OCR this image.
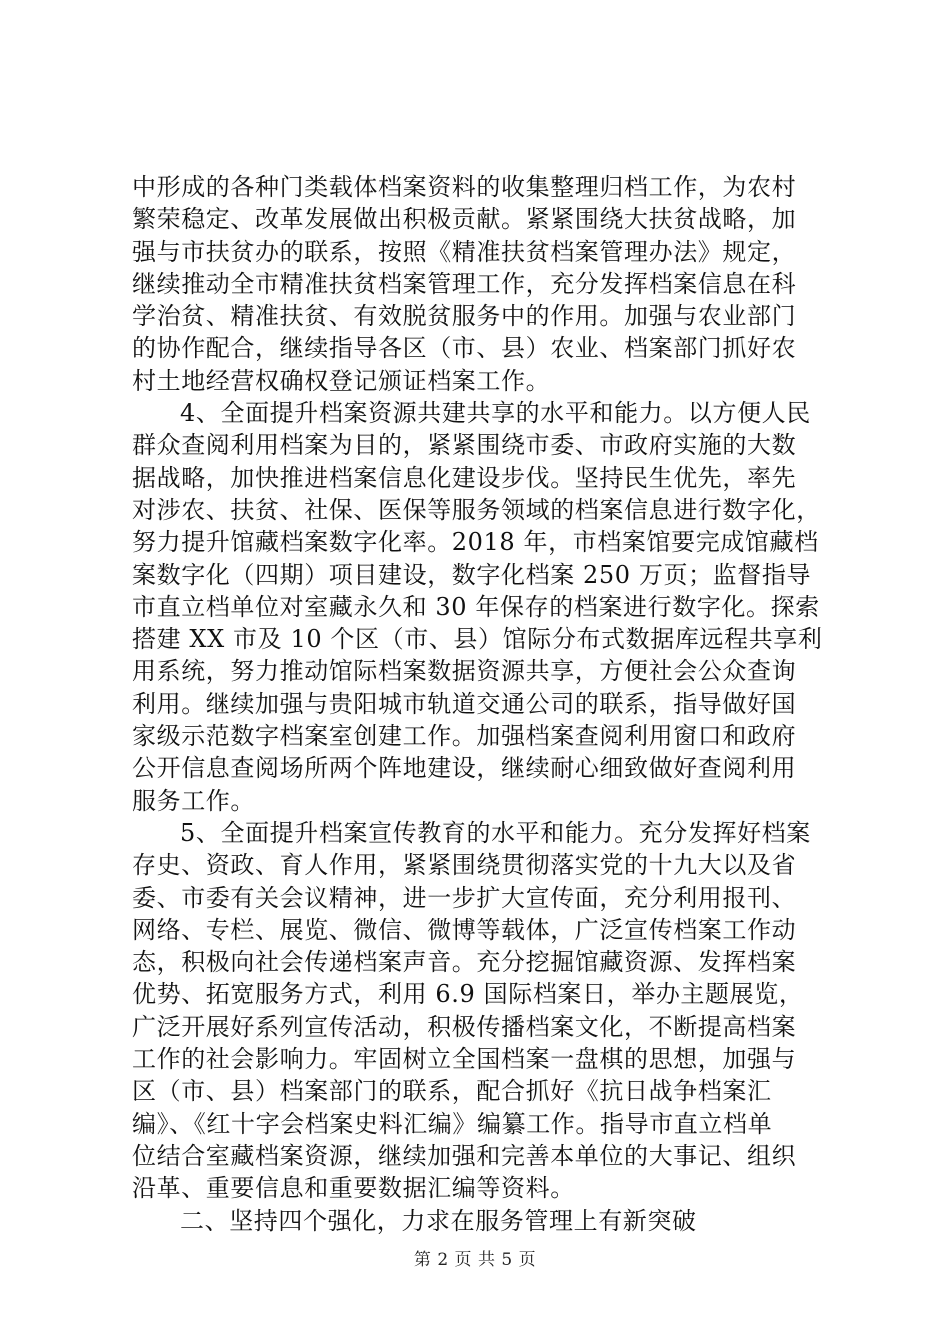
中形成的各种门类载体档案资料的收集整理归档工作，为农村
繁荣稳定、改革发展做出积极贡献。紧紧围绕大扶贫战略，加
强与市扶贫办的联系，按照《精准扶贫档案管理办法》规定，
继续推动全市精准扶贫档案管理工作，充分发挥档案信息在科
学治贫、精准扶贫、有效脱贫服务中的作用。加强与农业部门
的协作配合，继续指导各区（市、县）农业、档案部门抓好农
村土地经营权确权登记颁证档案工作。
4、全面提升档案资源共建共享的水平和能力。以方便人民
群众查阅利用档案为目的，紧紧围绕市委、市政府实施的大数
据战略，加快推进档案信息化建设步伐。坚持民生优先，率先
对涉农、扶贫、社保、医保等服务领域的档案信息进行数字化，
努力提升馆藏档案数字化率。2018 年，市档案馆要完成馆藏档
案数字化（四期）项目建设，数字化档案 250 万页；监督指导
市直立档单位对室藏永久和 30 年保存的档案进行数字化。探索
搭建 XX 市及 10 个区（市、县）馆际分布式数据库远程共享利
用系统，努力推动馆际档案数据资源共享，方便社会公众查询
利用。继续加强与贵阳城市轨道交通公司的联系，指导做好国
家级示范数字档案室创建工作。加强档案查阅利用窗口和政府
公开信息查阅场所两个阵地建设，继续耐心细致做好查阅利用
服务工作。
5、全面提升档案宣传教育的水平和能力。充分发挥好档案
存史、资政、育人作用，紧紧围绕贯彻落实党的十九大以及省
委、市委有关会议精神，进一步扩大宣传面，充分利用报刊、
网络、专栏、展览、微信、微博等载体，广泛宣传档案工作动
态，积极向社会传递档案声音。充分挖掘馆藏资源、发挥档案
优势、拓宽服务方式，利用 6.9 国际档案日，举办主题展览，
广泛开展好系列宣传活动，积极传播档案文化，不断提高档案
工作的社会影响力。牢固树立全国档案一盘棋的思想，加强与
区（市、县）档案部门的联系，配合抓好《抗日战争档案汇
编》、《红十字会档案史料汇编》编纂工作。指导市直立档单
位结合室藏档案资源，继续加强和完善本单位的大事记、组织
沿革、重要信息和重要数据汇编等资料。
二、坚持四个强化，力求在服务管理上有新突破
第 2 页 共 5 页
